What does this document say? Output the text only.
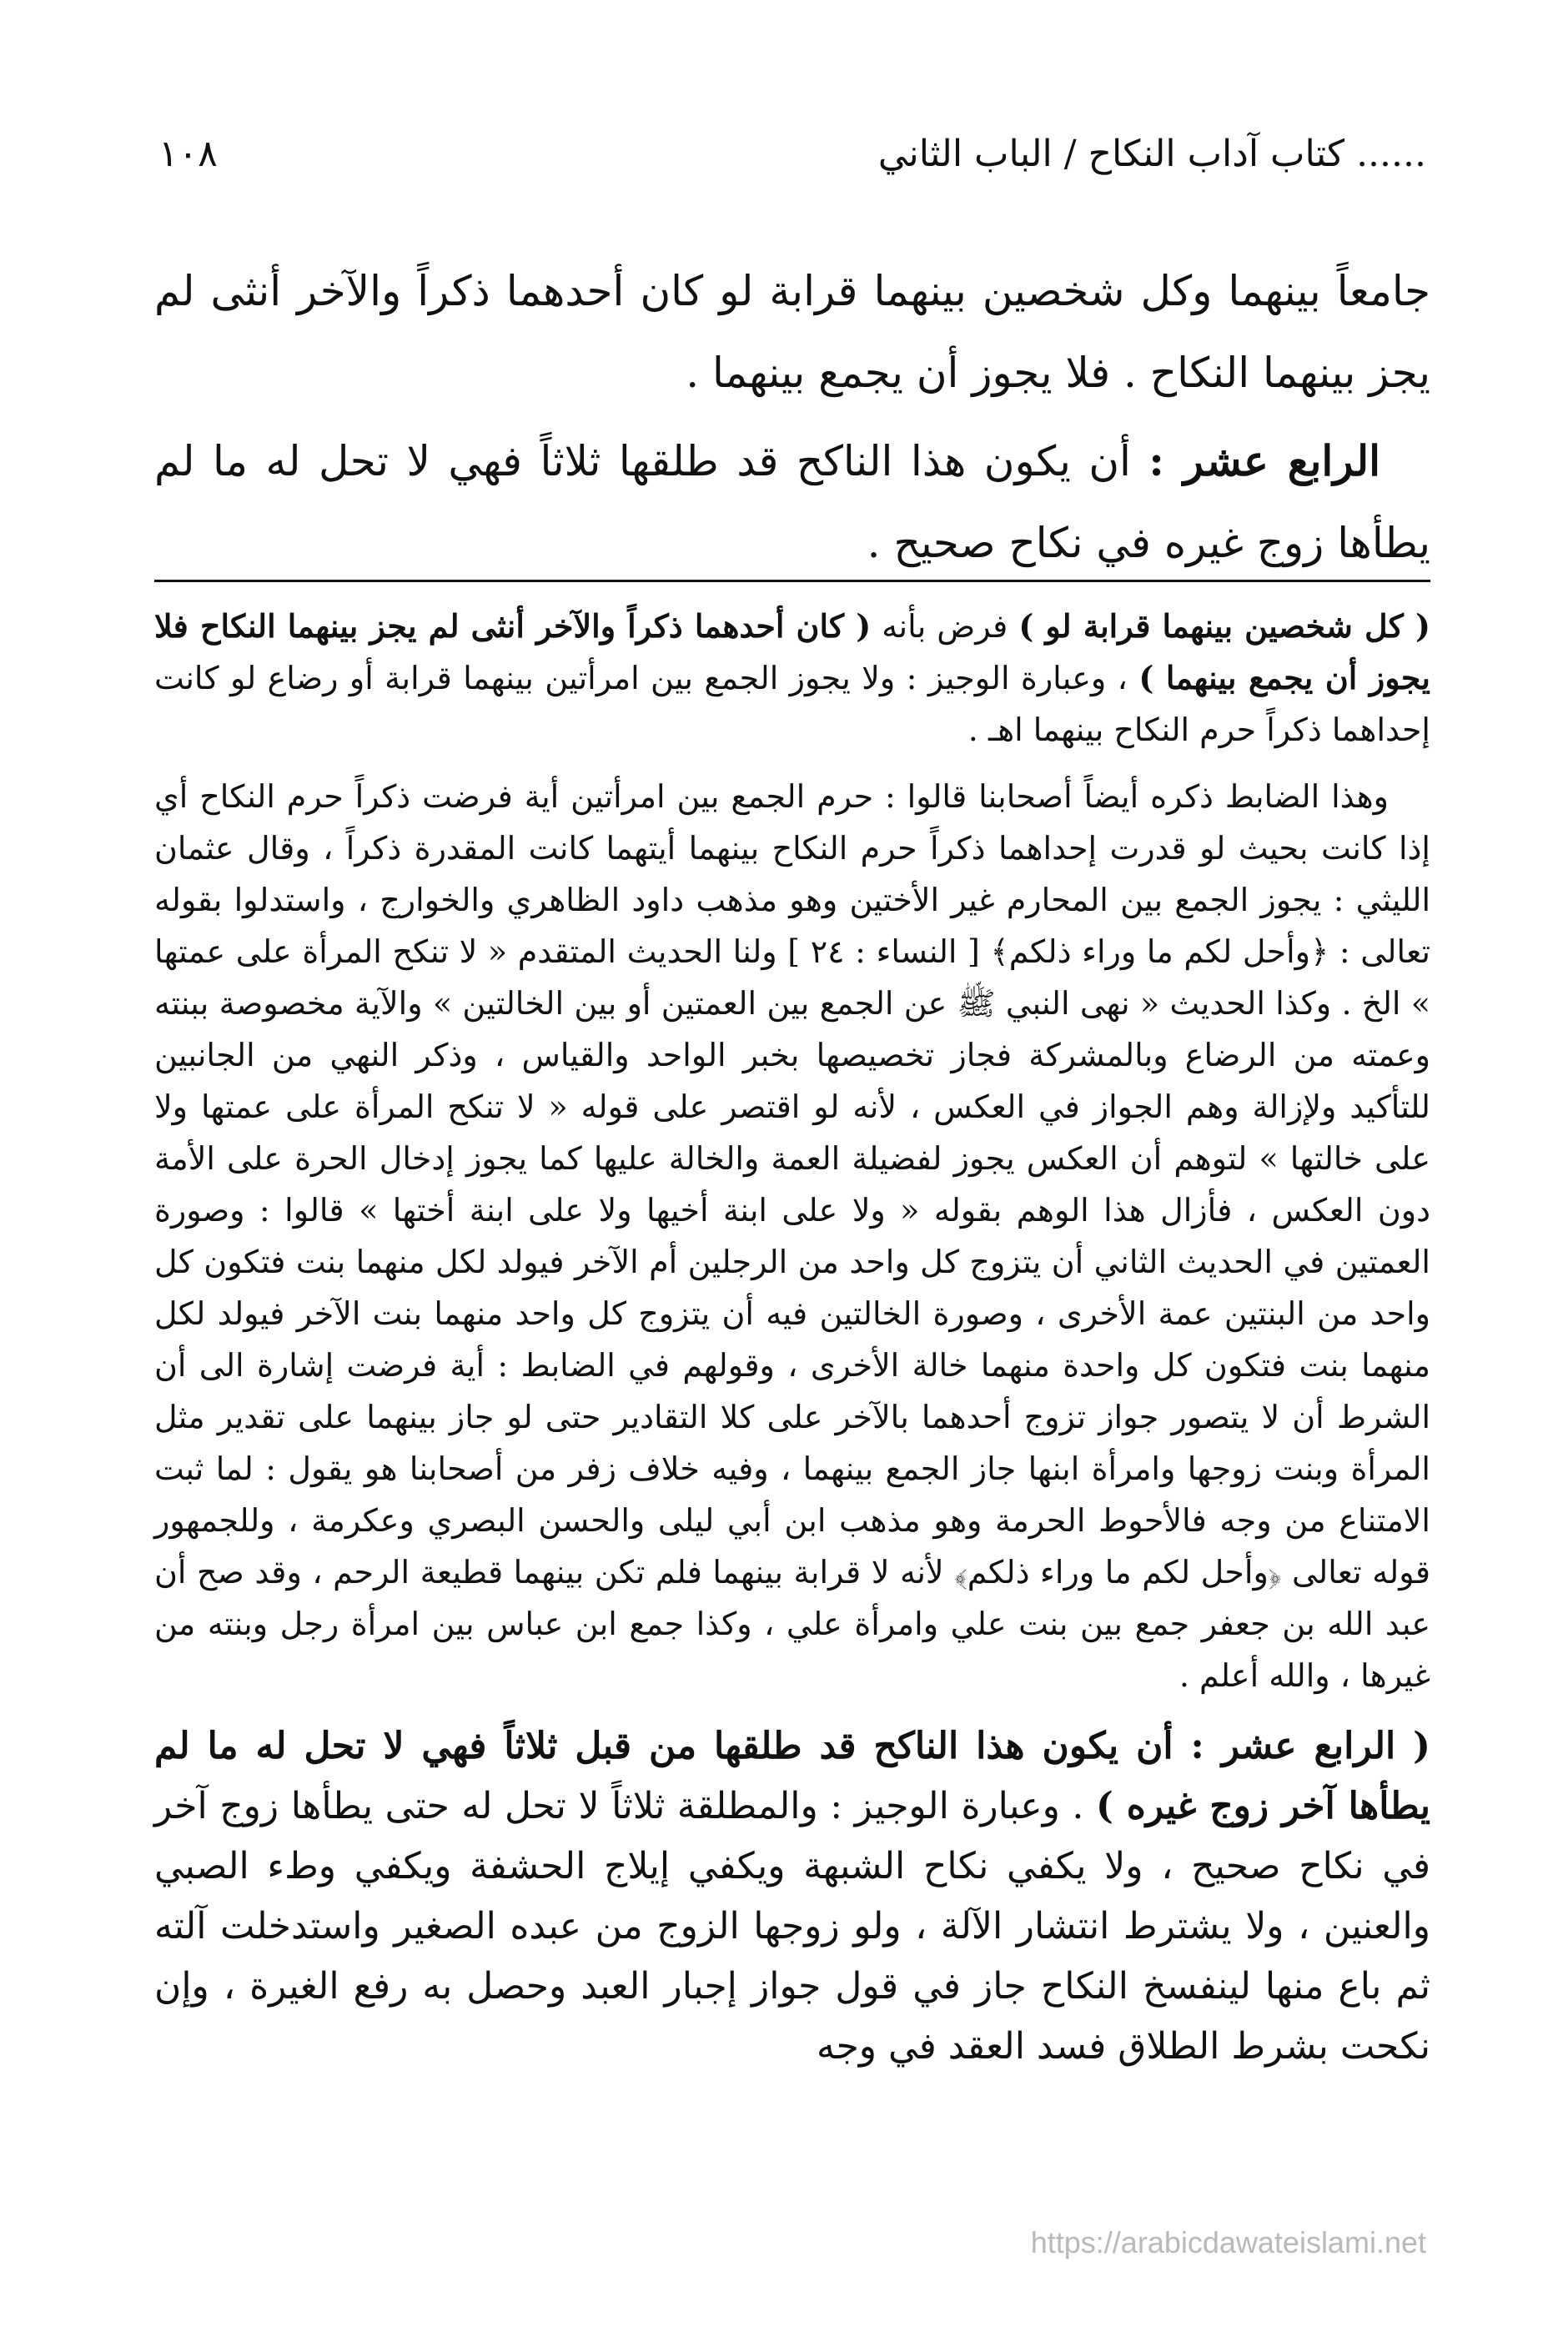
...... كتاب آداب النكاح / الباب الثاني
١٠٨

جامعاً بينهما وكل شخصين بينهما قرابة لو كان أحدهما ذكراً والآخر أنثى لم يجز بينهما النكاح . فلا يجوز أن يجمع بينهما .

الرابع عشر : أن يكون هذا الناكح قد طلقها ثلاثاً فهي لا تحل له ما لم يطأها زوج غيره في نكاح صحيح .

( كل شخصين بينهما قرابة لو ) فرض بأنه ( كان أحدهما ذكراً والآخر أنثى لم يجز بينهما النكاح فلا يجوز أن يجمع بينهما ) ، وعبارة الوجيز : ولا يجوز الجمع بين امرأتين بينهما قرابة أو رضاع لو كانت إحداهما ذكراً حرم النكاح بينهما اهـ .

وهذا الضابط ذكره أيضاً أصحابنا قالوا : حرم الجمع بين امرأتين أية فرضت ذكراً حرم النكاح أي إذا كانت بحيث لو قدرت إحداهما ذكراً حرم النكاح بينهما أيتهما كانت المقدرة ذكراً ، وقال عثمان الليثي : يجوز الجمع بين المحارم غير الأختين وهو مذهب داود الظاهري والخوارج ، واستدلوا بقوله تعالى : ﴿وأحل لكم ما وراء ذلكم﴾ [ النساء : ٢٤ ] ولنا الحديث المتقدم « لا تنكح المرأة على عمتها » الخ . وكذا الحديث « نهى النبي ﷺ عن الجمع بين العمتين أو بين الخالتين » والآية مخصوصة ببنته وعمته من الرضاع وبالمشركة فجاز تخصيصها بخبر الواحد والقياس ، وذكر النهي من الجانبين للتأكيد ولإزالة وهم الجواز في العكس ، لأنه لو اقتصر على قوله « لا تنكح المرأة على عمتها ولا على خالتها » لتوهم أن العكس يجوز لفضيلة العمة والخالة عليها كما يجوز إدخال الحرة على الأمة دون العكس ، فأزال هذا الوهم بقوله « ولا على ابنة أخيها ولا على ابنة أختها » قالوا : وصورة العمتين في الحديث الثاني أن يتزوج كل واحد من الرجلين أم الآخر فيولد لكل منهما بنت فتكون كل واحد من البنتين عمة الأخرى ، وصورة الخالتين فيه أن يتزوج كل واحد منهما بنت الآخر فيولد لكل منهما بنت فتكون كل واحدة منهما خالة الأخرى ، وقولهم في الضابط : أية فرضت إشارة الى أن الشرط أن لا يتصور جواز تزوج أحدهما بالآخر على كلا التقادير حتى لو جاز بينهما على تقدير مثل المرأة وبنت زوجها وامرأة ابنها جاز الجمع بينهما ، وفيه خلاف زفر من أصحابنا هو يقول : لما ثبت الامتناع من وجه فالأحوط الحرمة وهو مذهب ابن أبي ليلى والحسن البصري وعكرمة ، وللجمهور قوله تعالى ﴿وأحل لكم ما وراء ذلكم﴾ لأنه لا قرابة بينهما فلم تكن بينهما قطيعة الرحم ، وقد صح أن عبد الله بن جعفر جمع بين بنت علي وامرأة علي ، وكذا جمع ابن عباس بين امرأة رجل وبنته من غيرها ، والله أعلم .

( الرابع عشر : أن يكون هذا الناكح قد طلقها من قبل ثلاثاً فهي لا تحل له ما لم يطأها آخر زوج غيره ) . وعبارة الوجيز : والمطلقة ثلاثاً لا تحل له حتى يطأها زوج آخر في نكاح صحيح ، ولا يكفي نكاح الشبهة ويكفي إيلاج الحشفة ويكفي وطء الصبي والعنين ، ولا يشترط انتشار الآلة ، ولو زوجها الزوج من عبده الصغير واستدخلت آلته ثم باع منها لينفسخ النكاح جاز في قول جواز إجبار العبد وحصل به رفع الغيرة ، وإن نكحت بشرط الطلاق فسد العقد في وجه

https://arabicdawateislami.net
